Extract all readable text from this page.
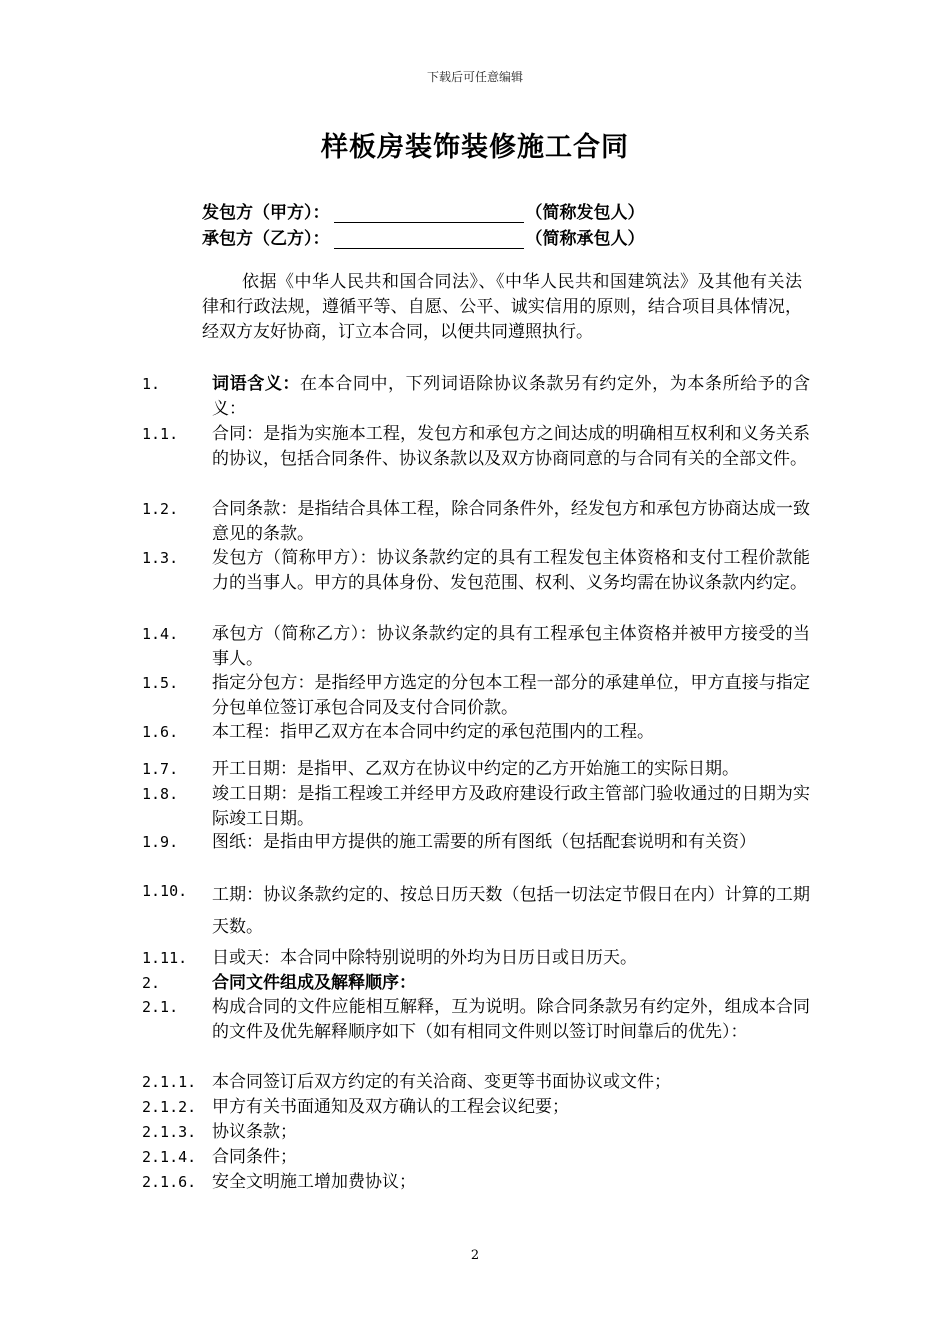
下载后可任意编辑
样板房装饰装修施工合同
发包方（甲方）：	（简称发包人）
承包方（乙方）：	（简称承包人）
依据《中华人民共和国合同法》、《中华人民共和国建筑法》及其他有关法律和行政法规，遵循平等、自愿、公平、诚实信用的原则，结合项目具体情况，经双方友好协商，订立本合同，以便共同遵照执行。
1.	词语含义：在本合同中，下列词语除协议条款另有约定外，为本条所给予的含义：
1.1.	合同：是指为实施本工程，发包方和承包方之间达成的明确相互权利和义务关系的协议，包括合同条件、协议条款以及双方协商同意的与合同有关的全部文件。
1.2.	合同条款：是指结合具体工程，除合同条件外，经发包方和承包方协商达成一致意见的条款。
1.3.	发包方（简称甲方）：协议条款约定的具有工程发包主体资格和支付工程价款能力的当事人。甲方的具体身份、发包范围、权利、义务均需在协议条款内约定。
1.4.	承包方（简称乙方）：协议条款约定的具有工程承包主体资格并被甲方接受的当事人。
1.5.	指定分包方：是指经甲方选定的分包本工程一部分的承建单位，甲方直接与指定分包单位签订承包合同及支付合同价款。
1.6.	本工程：指甲乙双方在本合同中约定的承包范围内的工程。
1.7.	开工日期：是指甲、乙双方在协议中约定的乙方开始施工的实际日期。
1.8.	竣工日期：是指工程竣工并经甲方及政府建设行政主管部门验收通过的日期为实际竣工日期。
1.9.	图纸：是指由甲方提供的施工需要的所有图纸（包括配套说明和有关资）
1.10.	工期：协议条款约定的、按总日历天数（包括一切法定节假日在内）计算的工期天数。
1.11.	日或天：本合同中除特别说明的外均为日历日或日历天。
2.	合同文件组成及解释顺序：
2.1.	构成合同的文件应能相互解释，互为说明。除合同条款另有约定外，组成本合同的文件及优先解释顺序如下（如有相同文件则以签订时间靠后的优先）：
2.1.1. 本合同签订后双方约定的有关洽商、变更等书面协议或文件；
2.1.2. 甲方有关书面通知及双方确认的工程会议纪要；
2.1.3. 协议条款；
2.1.4. 合同条件；
2.1.6. 安全文明施工增加费协议；
2
